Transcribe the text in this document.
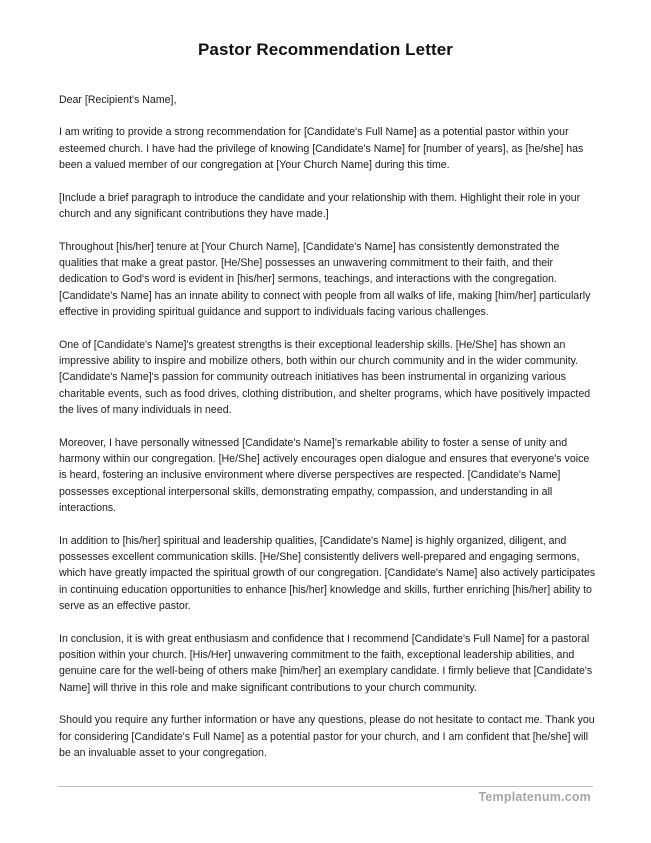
Pastor Recommendation Letter

Dear [Recipient's Name],

I am writing to provide a strong recommendation for [Candidate's Full Name] as a potential pastor within your esteemed church. I have had the privilege of knowing [Candidate's Name] for [number of years], as [he/she] has been a valued member of our congregation at [Your Church Name] during this time.

[Include a brief paragraph to introduce the candidate and your relationship with them. Highlight their role in your church and any significant contributions they have made.]

Throughout [his/her] tenure at [Your Church Name], [Candidate's Name] has consistently demonstrated the qualities that make a great pastor. [He/She] possesses an unwavering commitment to their faith, and their dedication to God's word is evident in [his/her] sermons, teachings, and interactions with the congregation. [Candidate's Name] has an innate ability to connect with people from all walks of life, making [him/her] particularly effective in providing spiritual guidance and support to individuals facing various challenges.

One of [Candidate's Name]'s greatest strengths is their exceptional leadership skills. [He/She] has shown an impressive ability to inspire and mobilize others, both within our church community and in the wider community. [Candidate's Name]'s passion for community outreach initiatives has been instrumental in organizing various charitable events, such as food drives, clothing distribution, and shelter programs, which have positively impacted the lives of many individuals in need.

Moreover, I have personally witnessed [Candidate's Name]'s remarkable ability to foster a sense of unity and harmony within our congregation. [He/She] actively encourages open dialogue and ensures that everyone's voice is heard, fostering an inclusive environment where diverse perspectives are respected. [Candidate's Name] possesses exceptional interpersonal skills, demonstrating empathy, compassion, and understanding in all interactions.

In addition to [his/her] spiritual and leadership qualities, [Candidate's Name] is highly organized, diligent, and possesses excellent communication skills. [He/She] consistently delivers well-prepared and engaging sermons, which have greatly impacted the spiritual growth of our congregation. [Candidate's Name] also actively participates in continuing education opportunities to enhance [his/her] knowledge and skills, further enriching [his/her] ability to serve as an effective pastor.

In conclusion, it is with great enthusiasm and confidence that I recommend [Candidate's Full Name] for a pastoral position within your church. [His/Her] unwavering commitment to the faith, exceptional leadership abilities, and genuine care for the well-being of others make [him/her] an exemplary candidate. I firmly believe that [Candidate's Name] will thrive in this role and make significant contributions to your church community.

Should you require any further information or have any questions, please do not hesitate to contact me. Thank you for considering [Candidate's Full Name] as a potential pastor for your church, and I am confident that [he/she] will be an invaluable asset to your congregation.

Templatenum.com
